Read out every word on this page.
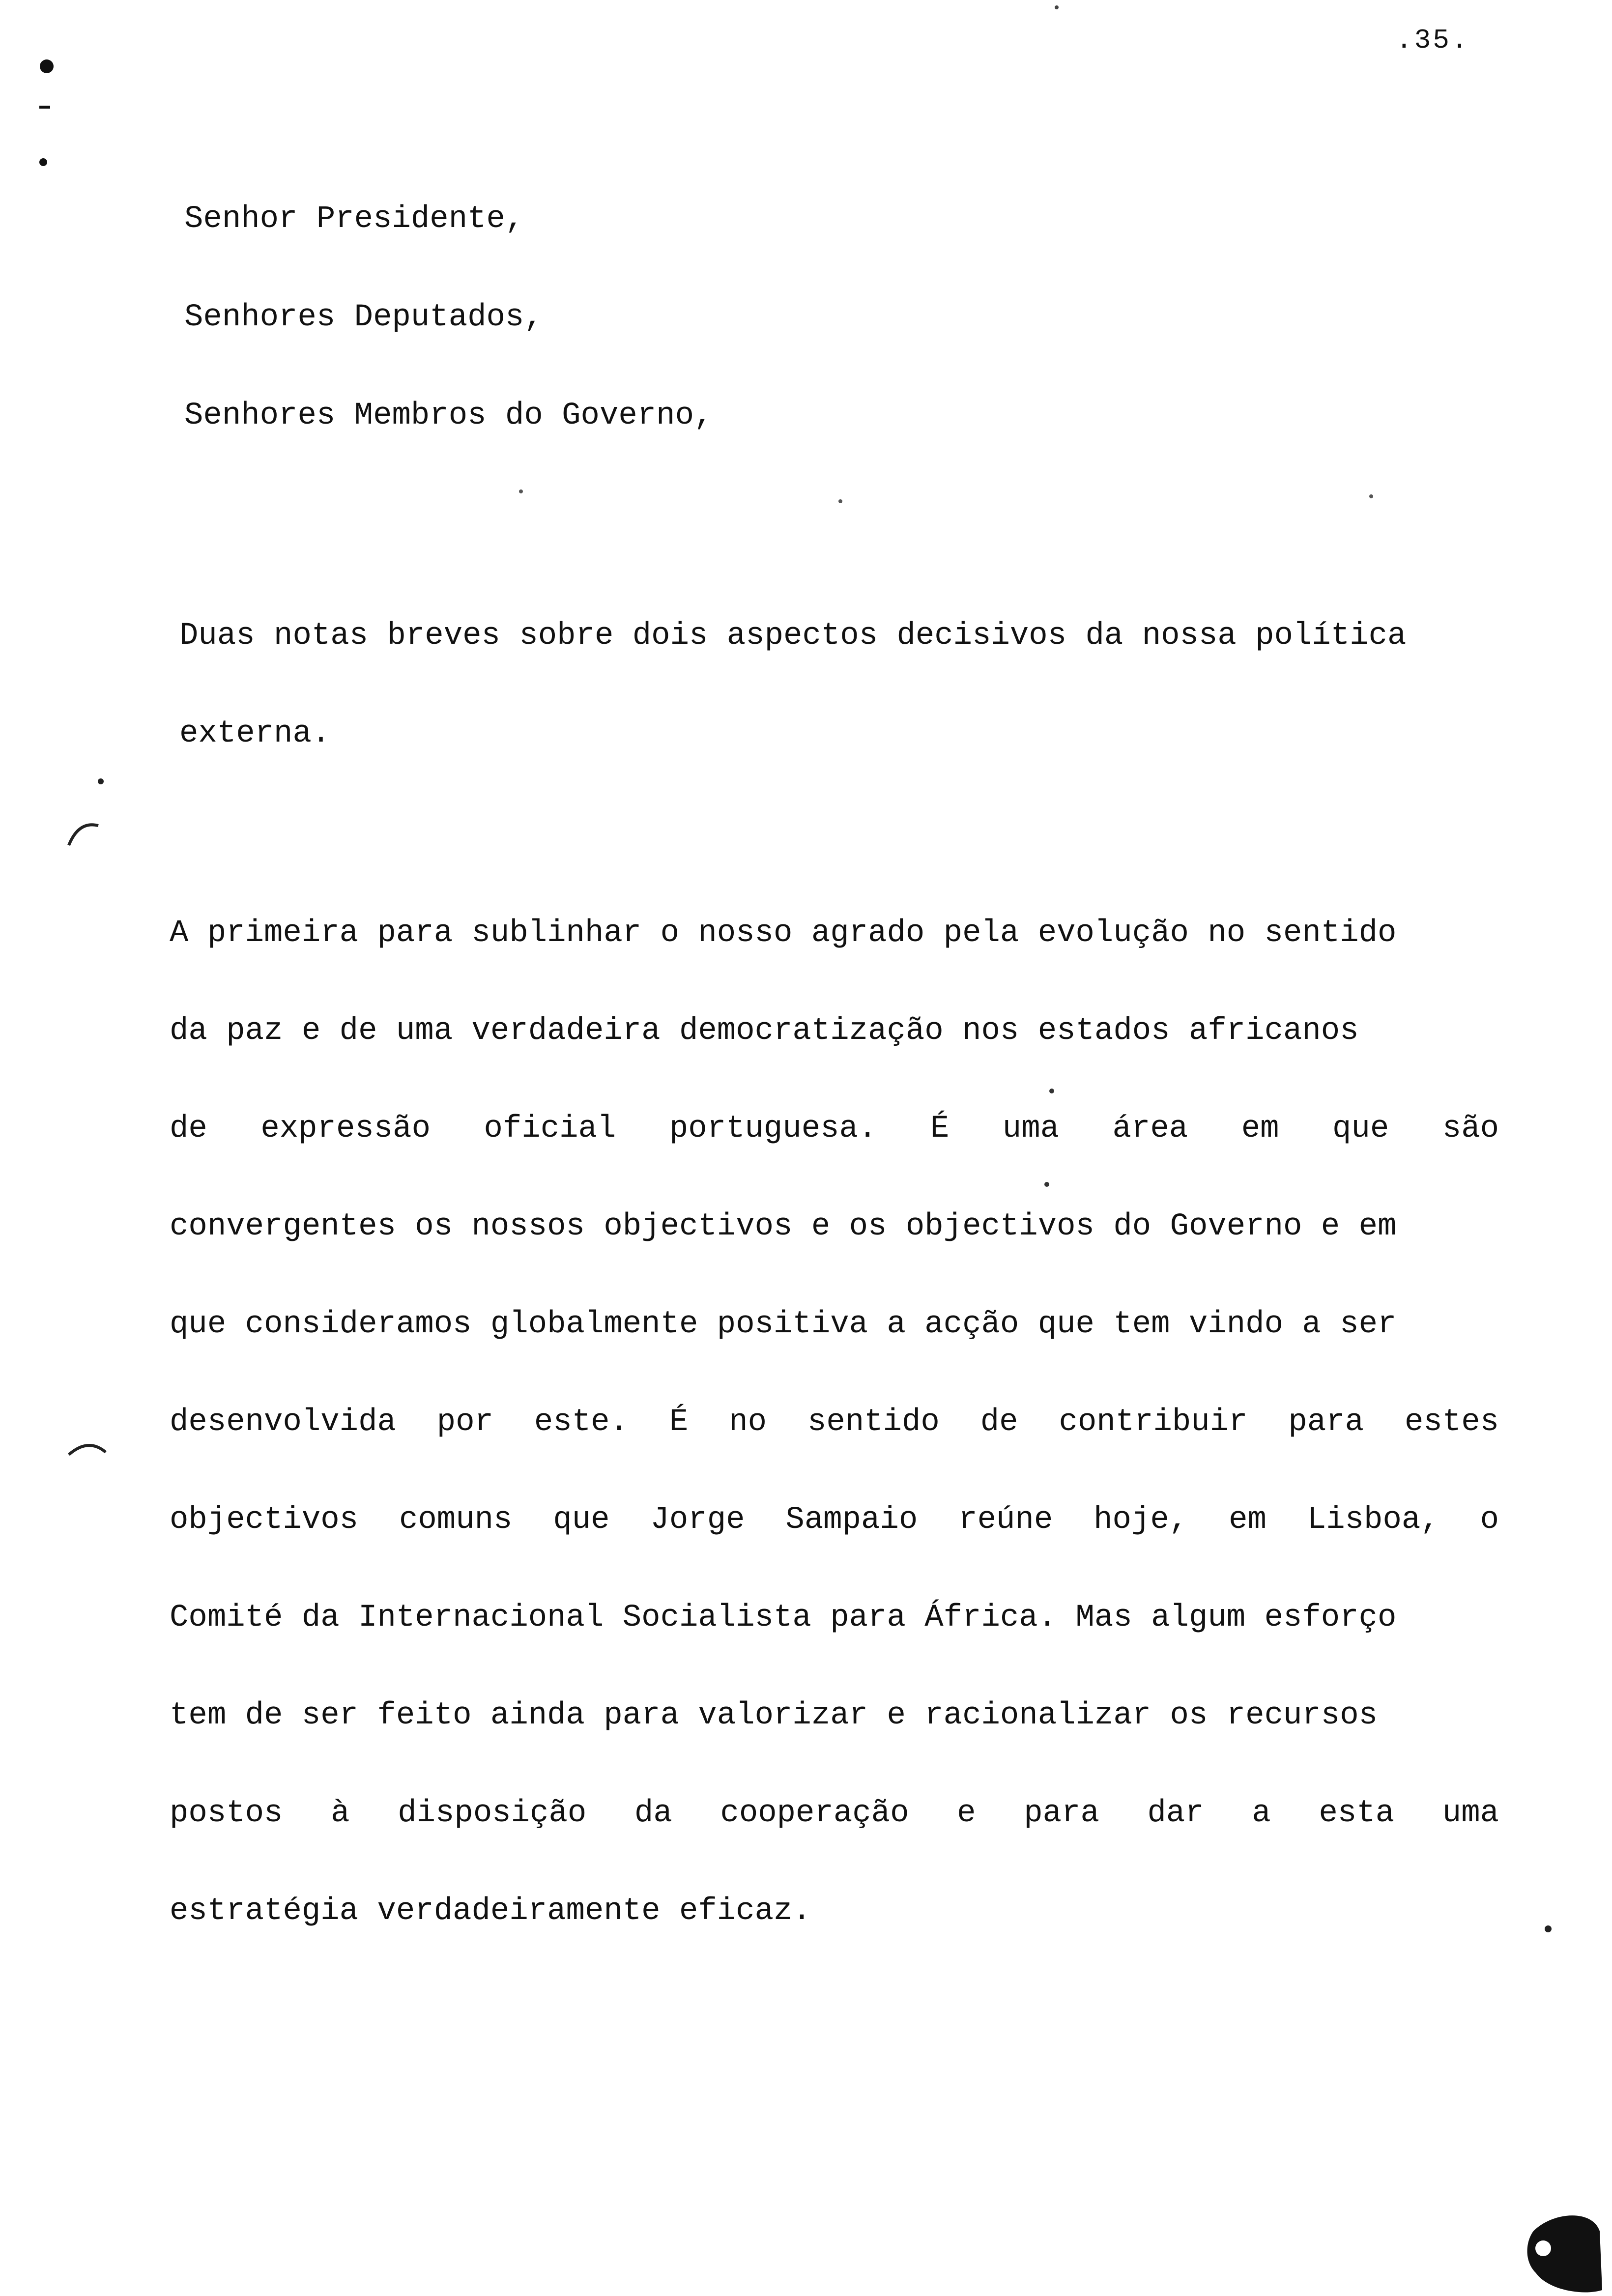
.35.
Senhor Presidente,
Senhores Deputados,
Senhores Membros do Governo,
Duas notas breves sobre dois aspectos decisivos da nossa política
externa.
A primeira para sublinhar o nosso agrado pela evolução no sentido
da paz e de uma verdadeira democratização nos estados africanos
de expressão oficial portuguesa. É uma área em que são
convergentes os nossos objectivos e os objectivos do Governo e em
que consideramos globalmente positiva a acção que tem vindo a ser
desenvolvida por este. É no sentido de contribuir para estes
objectivos comuns que Jorge Sampaio reúne hoje, em Lisboa, o
Comité da Internacional Socialista para África. Mas algum esforço
tem de ser feito ainda para valorizar e racionalizar os recursos
postos à disposição da cooperação e para dar a esta uma
estratégia verdadeiramente eficaz.
